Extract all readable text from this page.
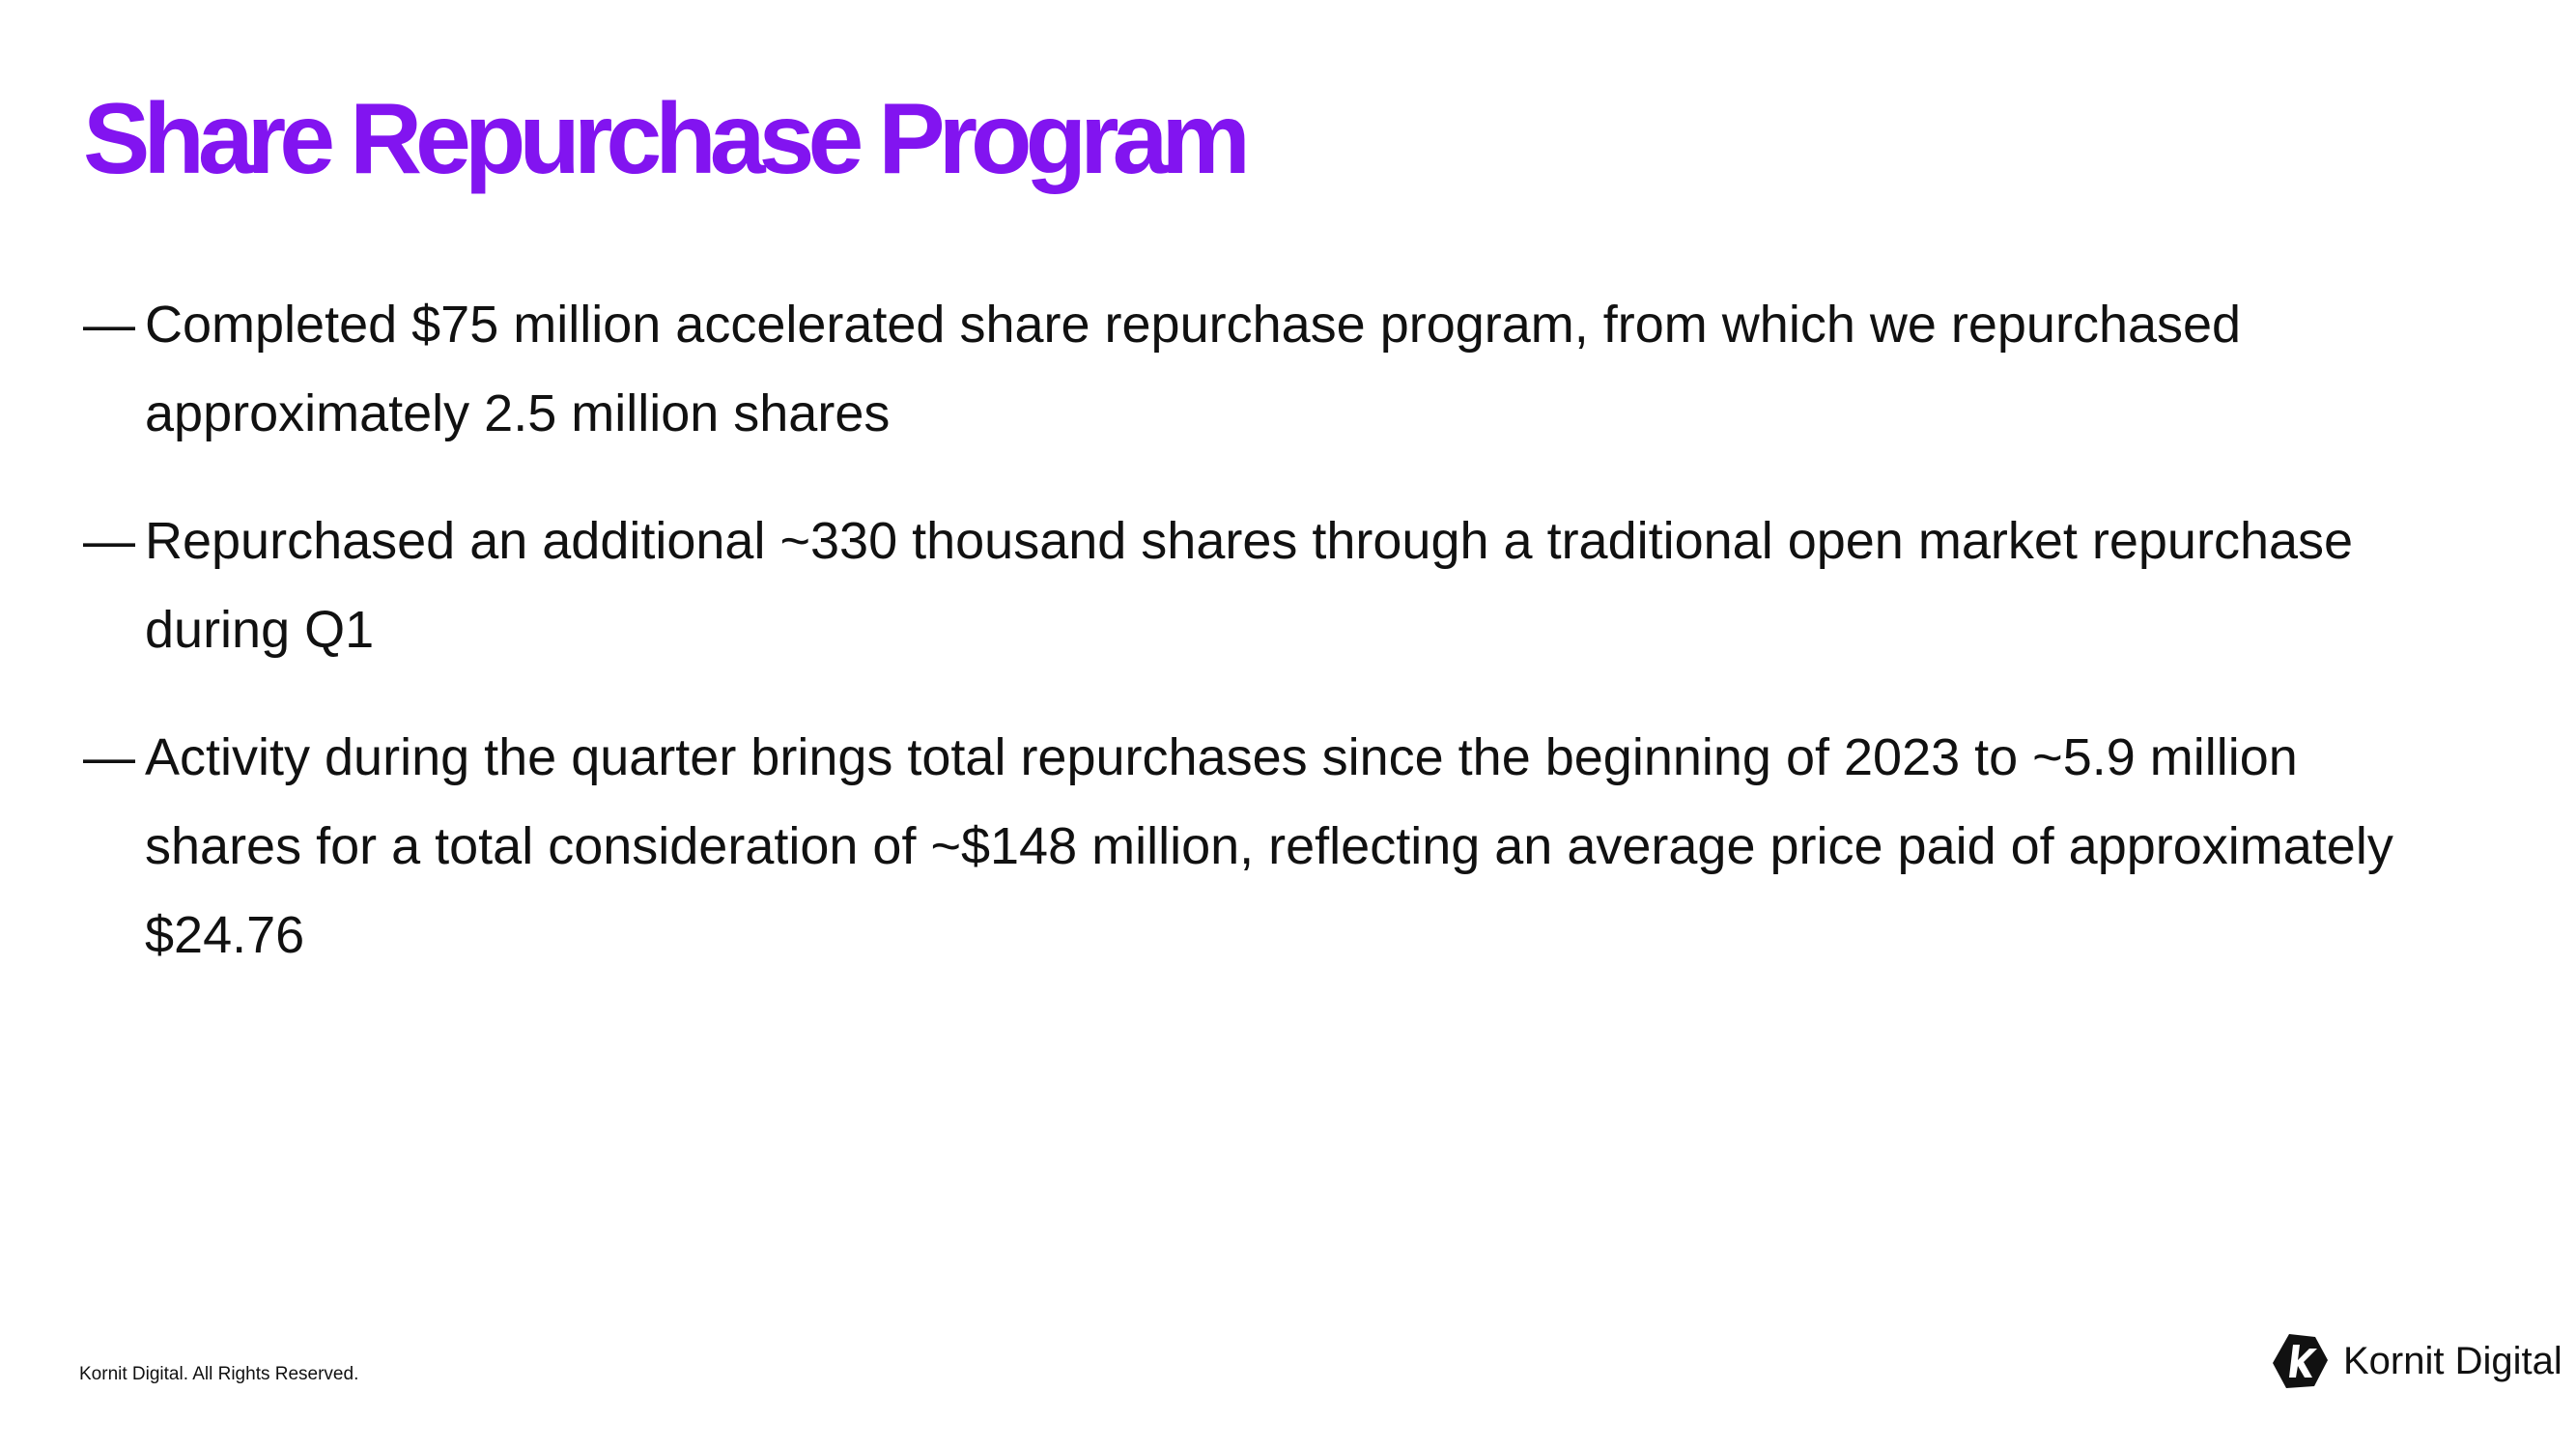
Share Repurchase Program
— Completed $75 million accelerated share repurchase program, from which we repurchased approximately 2.5 million shares
— Repurchased an additional ~330 thousand shares through a traditional open market repurchase during Q1
— Activity during the quarter brings total repurchases since the beginning of 2023 to ~5.9 million shares for a total consideration of ~$148 million, reflecting an average price paid of approximately $24.76
Kornit Digital. All Rights Reserved.	Kornit Digital
